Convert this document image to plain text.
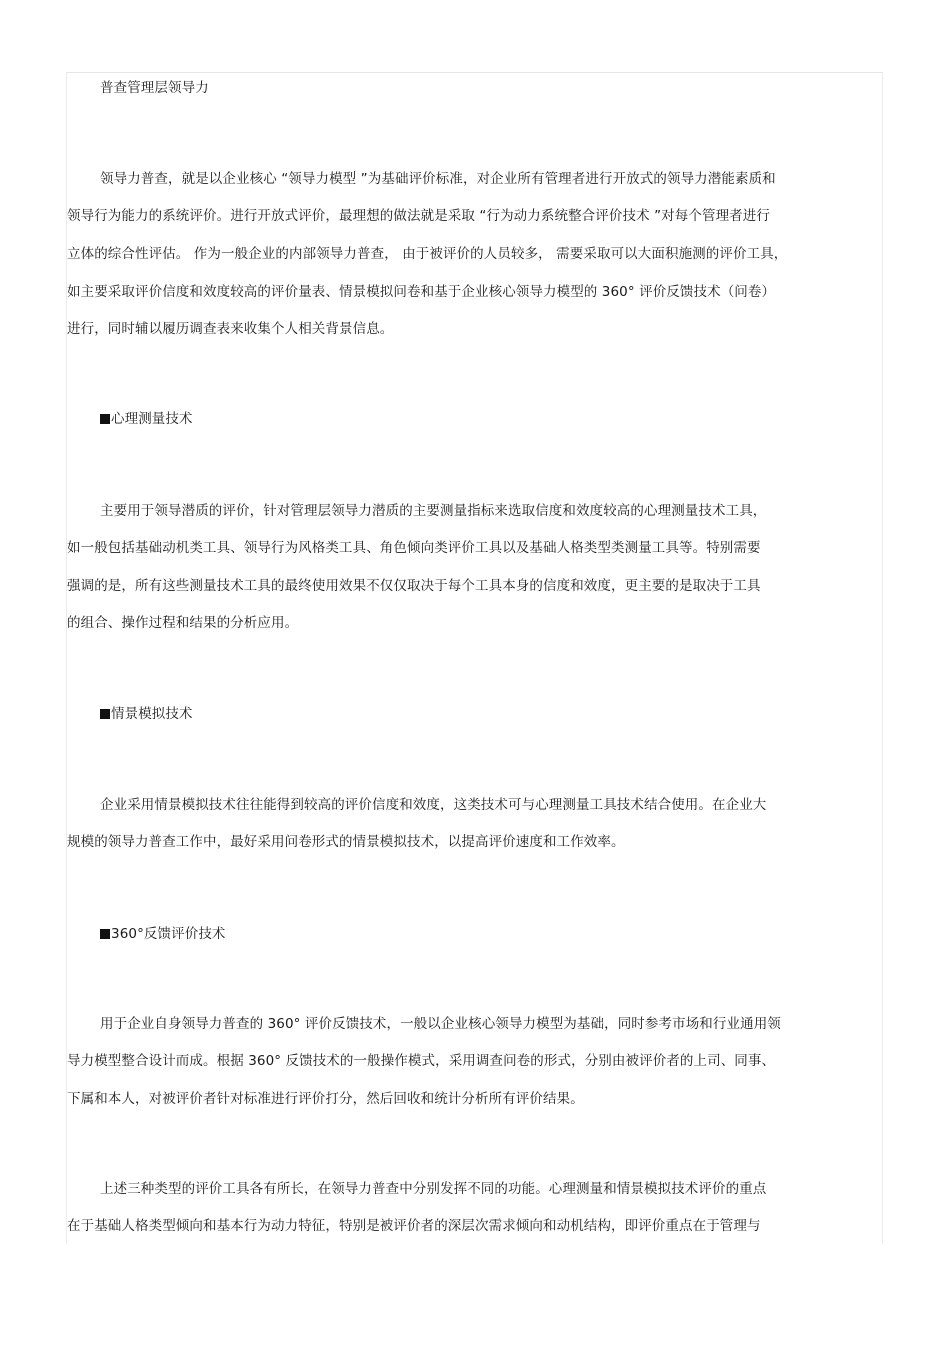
普查管理层领导力
领导力普查，就是以企业核心 “领导力模型 ”为基础评价标准，对企业所有管理者进行开放式的领导力潜能素质和
领导行为能力的系统评价。进行开放式评价，最理想的做法就是采取 “行为动力系统整合评价技术 ”对每个管理者进行
立体的综合性评估。 作为一般企业的内部领导力普查， 由于被评价的人员较多， 需要采取可以大面积施测的评价工具，
如主要采取评价信度和效度较高的评价量表、情景模拟问卷和基于企业核心领导力模型的 360° 评价反馈技术（问卷）
进行，同时辅以履历调查表来收集个人相关背景信息。
心理测量技术
主要用于领导潜质的评价，针对管理层领导力潜质的主要测量指标来选取信度和效度较高的心理测量技术工具，
如一般包括基础动机类工具、领导行为风格类工具、角色倾向类评价工具以及基础人格类型类测量工具等。特别需要
强调的是，所有这些测量技术工具的最终使用效果不仅仅取决于每个工具本身的信度和效度，更主要的是取决于工具
的组合、操作过程和结果的分析应用。
情景模拟技术
企业采用情景模拟技术往往能得到较高的评价信度和效度，这类技术可与心理测量工具技术结合使用。在企业大
规模的领导力普查工作中，最好采用问卷形式的情景模拟技术，以提高评价速度和工作效率。
360°反馈评价技术
用于企业自身领导力普查的 360° 评价反馈技术，一般以企业核心领导力模型为基础，同时参考市场和行业通用领
导力模型整合设计而成。根据 360° 反馈技术的一般操作模式，采用调查问卷的形式，分别由被评价者的上司、同事、
下属和本人，对被评价者针对标准进行评价打分，然后回收和统计分析所有评价结果。
上述三种类型的评价工具各有所长，在领导力普查中分别发挥不同的功能。心理测量和情景模拟技术评价的重点
在于基础人格类型倾向和基本行为动力特征，特别是被评价者的深层次需求倾向和动机结构，即评价重点在于管理与
